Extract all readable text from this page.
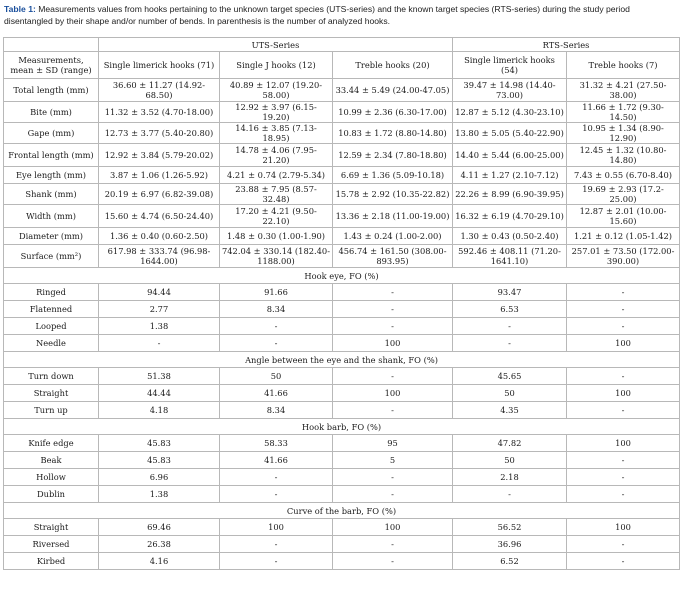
Table 1: Measurements values from hooks pertaining to the unknown target species (UTS-series) and the known target species (RTS-series) during the study period disentangled by their shape and/or number of bends. In parenthesis is the number of analyzed hooks.
	UTS-Series			RTS-Series	
Measurements, mean ± SD (range)	Single limerick hooks (71)	Single J hooks (12)	Treble hooks (20)	Single limerick hooks (54)	Treble hooks (7)
Total length (mm)	36.60 ± 11.27 (14.92-68.50)	40.89 ± 12.07 (19.20-58.00)	33.44 ± 5.49 (24.00-47.05)	39.47 ± 14.98 (14.40-73.00)	31.32 ± 4.21 (27.50-38.00)
Bite (mm)	11.32 ± 3.52 (4.70-18.00)	12.92 ± 3.97 (6.15-19.20)	10.99 ± 2.36 (6.30-17.00)	12.87 ± 5.12 (4.30-23.10)	11.66 ± 1.72 (9.30-14.50)
Gape (mm)	12.73 ± 3.77 (5.40-20.80)	14.16 ± 3.85 (7.13-18.95)	10.83 ± 1.72 (8.80-14.80)	13.80 ± 5.05 (5.40-22.90)	10.95 ± 1.34 (8.90-12.90)
Frontal length (mm)	12.92 ± 3.84 (5.79-20.02)	14.78 ± 4.06 (7.95-21.20)	12.59 ± 2.34 (7.80-18.80)	14.40 ± 5.44 (6.00-25.00)	12.45 ± 1.32 (10.80-14.80)
Eye length (mm)	3.87 ± 1.06 (1.26-5.92)	4.21 ± 0.74 (2.79-5.34)	6.69 ± 1.36 (5.09-10.18)	4.11 ± 1.27 (2.10-7.12)	7.43 ± 0.55 (6.70-8.40)
Shank (mm)	20.19 ± 6.97 (6.82-39.08)	23.88 ± 7.95 (8.57-32.48)	15.78 ± 2.92 (10.35-22.82)	22.26 ± 8.99 (6.90-39.95)	19.69 ± 2.93 (17.2-25.00)
Width (mm)	15.60 ± 4.74 (6.50-24.40)	17.20 ± 4.21 (9.50-22.10)	13.36 ± 2.18 (11.00-19.00)	16.32 ± 6.19 (4.70-29.10)	12.87 ± 2.01 (10.00-15.60)
Diameter (mm)	1.36 ± 0.40 (0.60-2.50)	1.48 ± 0.30 (1.00-1.90)	1.43 ± 0.24 (1.00-2.00)	1.30 ± 0.43 (0.50-2.40)	1.21 ± 0.12 (1.05-1.42)
Surface (mm²)	617.98 ± 333.74 (96.98-1644.00)	742.04 ± 330.14 (182.40-1188.00)	456.74 ± 161.50 (308.00-893.95)	592.46 ± 408.11 (71.20-1641.10)	257.01 ± 73.50 (172.00-390.00)
Hook eye, FO (%)					
Ringed	94.44	91.66	-	93.47	-
Flatenned	2.77	8.34	-	6.53	-
Looped	1.38	-	-	-	-
Needle	-	-	100	-	100
Angle between the eye and the shank, FO (%)					
Turn down	51.38	50	-	45.65	-
Straight	44.44	41.66	100	50	100
Turn up	4.18	8.34	-	4.35	-
Hook barb, FO (%)					
Knife edge	45.83	58.33	95	47.82	100
Beak	45.83	41.66	5	50	-
Hollow	6.96	-	-	2.18	-
Dublin	1.38	-	-	-	-
Curve of the barb, FO (%)					
Straight	69.46	100	100	56.52	100
Riversed	26.38	-	-	36.96	-
Kirbed	4.16	-	-	6.52	-
